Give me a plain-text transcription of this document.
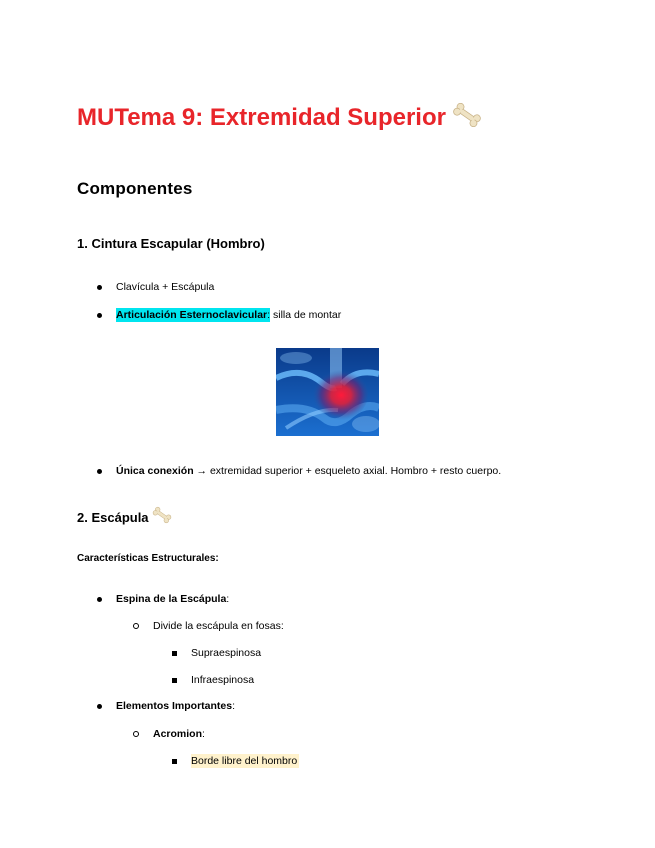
MUTema 9: Extremidad Superior
Componentes
1. Cintura Escapular (Hombro)
Clavícula + Escápula
Articulación Esternoclavicular: silla de montar
Única conexión → extremidad superior + esqueleto axial. Hombro + resto cuerpo.
2. Escápula
Características Estructurales:
Espina de la Escápula :
Divide la escápula en fosas:
Supraespinosa
Infraespinosa
Elementos Importantes :
Acromion :
Borde libre del hombro
